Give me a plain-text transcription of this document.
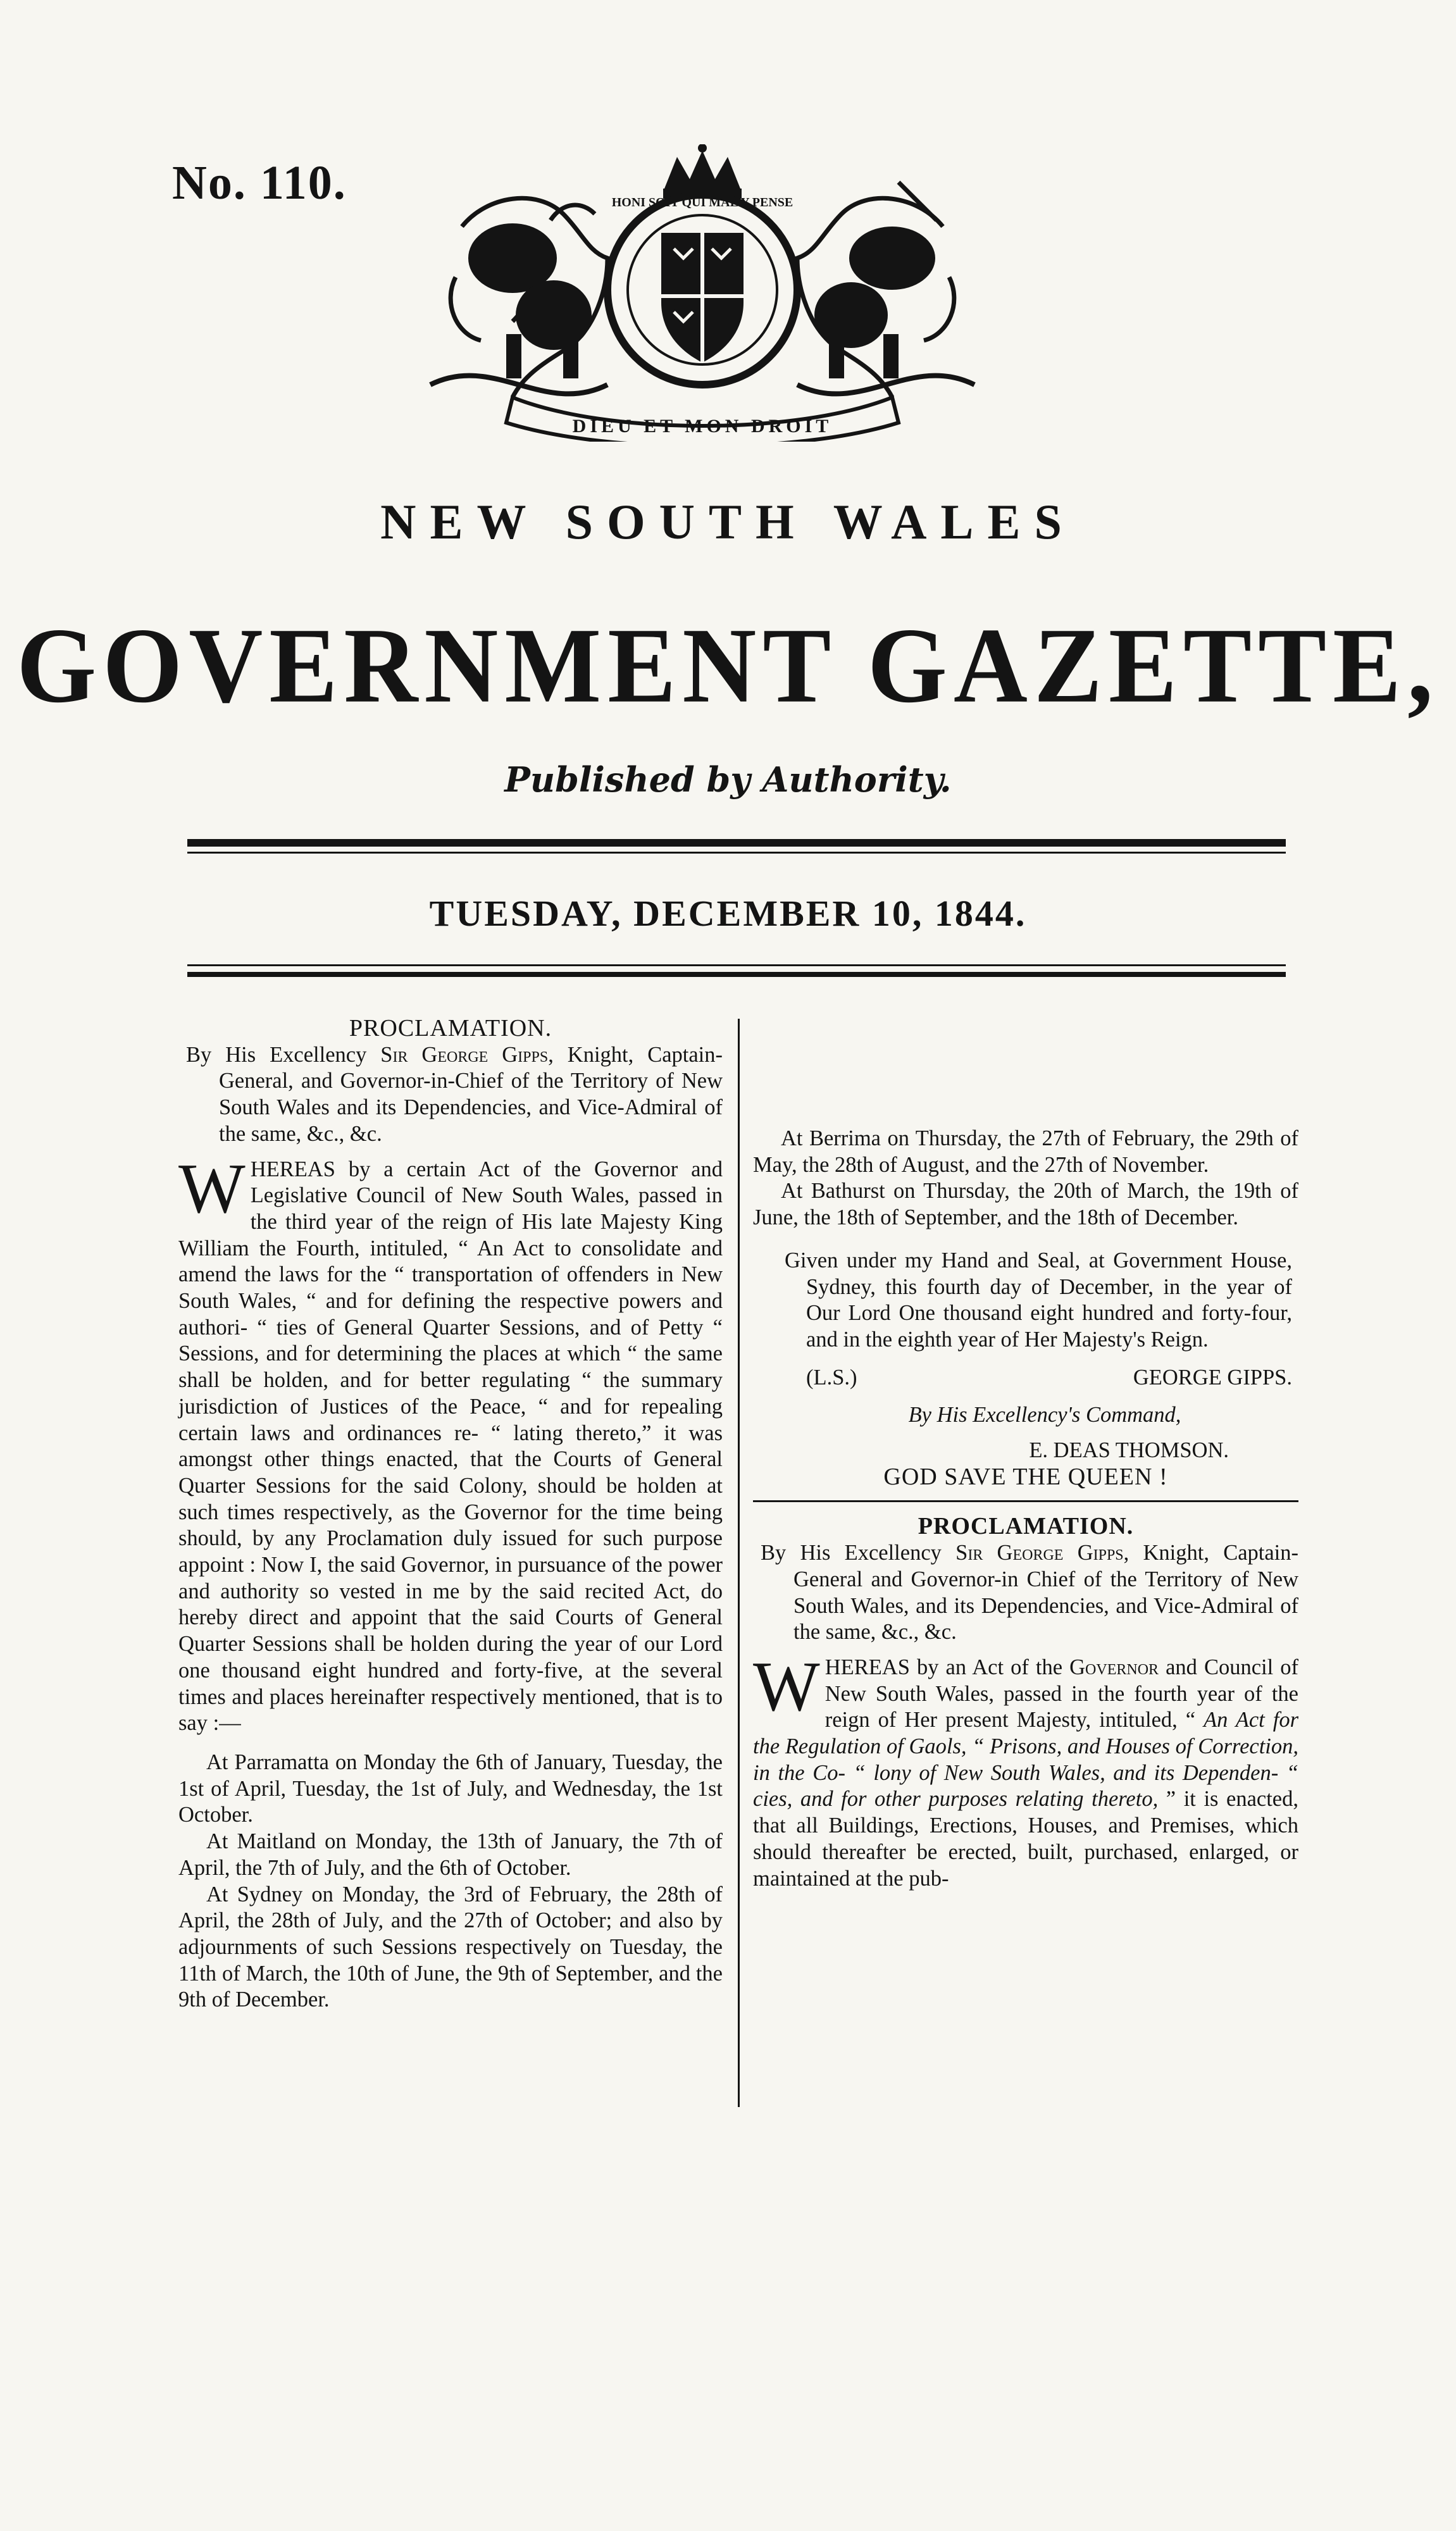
No. 110.	HONI SOIT QUI MAL Y PENSE
DIEU ET MON DROIT
NEW SOUTH WALES
GOVERNMENT GAZETTE,
Published by Authority.
TUESDAY, DECEMBER 10, 1844.

PROCLAMATION.

By His Excellency Sir George Gipps, Knight, Captain-General, and Governor-in-Chief of the Territory of New South Wales and its Dependencies, and Vice-Admiral of the same, &c., &c.

WHEREAS by a certain Act of the Governor and Legislative Council of New South Wales, passed in the third year of the reign of His late Majesty King William the Fourth, intituled, “ An Act to consolidate and amend the laws for the “ transportation of offenders in New South Wales, “ and for defining the respective powers and authori- “ ties of General Quarter Sessions, and of Petty “ Sessions, and for determining the places at which “ the same shall be holden, and for better regulating “ the summary jurisdiction of Justices of the Peace, “ and for repealing certain laws and ordinances re- “ lating thereto,” it was amongst other things enacted, that the Courts of General Quarter Sessions for the said Colony, should be holden at such times respectively, as the Governor for the time being should, by any Proclamation duly issued for such purpose appoint : Now I, the said Governor, in pursuance of the power and authority so vested in me by the said recited Act, do hereby direct and appoint that the said Courts of General Quarter Sessions shall be holden during the year of our Lord one thousand eight hundred and forty-five, at the several times and places hereinafter respectively mentioned, that is to say :—

At Parramatta on Monday the 6th of January, Tuesday, the 1st of April, Tuesday, the 1st of July, and Wednesday, the 1st October.

At Maitland on Monday, the 13th of January, the 7th of April, the 7th of July, and the 6th of October.

At Sydney on Monday, the 3rd of February, the 28th of April, the 28th of July, and the 27th of October; and also by adjournments of such Sessions respectively on Tuesday, the 11th of March, the 10th of June, the 9th of September, and the 9th of December.

At Berrima on Thursday, the 27th of February, the 29th of May, the 28th of August, and the 27th of November.

At Bathurst on Thursday, the 20th of March, the 19th of June, the 18th of September, and the 18th of December.

Given under my Hand and Seal, at Government House, Sydney, this fourth day of December, in the year of Our Lord One thousand eight hundred and forty-four, and in the eighth year of Her Majesty's Reign.

(L.S.)	GEORGE GIPPS.

By His Excellency's Command,

E. DEAS THOMSON.

GOD SAVE THE QUEEN !

PROCLAMATION.

By His Excellency Sir George Gipps, Knight, Captain-General and Governor-in Chief of the Territory of New South Wales, and its Dependencies, and Vice-Admiral of the same, &c., &c.

WHEREAS by an Act of the Governor and Council of New South Wales, passed in the fourth year of the reign of Her present Majesty, intituled, “ An Act for the Regulation of Gaols, “ Prisons, and Houses of Correction, in the Co- “ lony of New South Wales, and its Dependen- “ cies, and for other purposes relating thereto, ” it is enacted, that all Buildings, Erections, Houses, and Premises, which should thereafter be erected, built, purchased, enlarged, or maintained at the pub-
